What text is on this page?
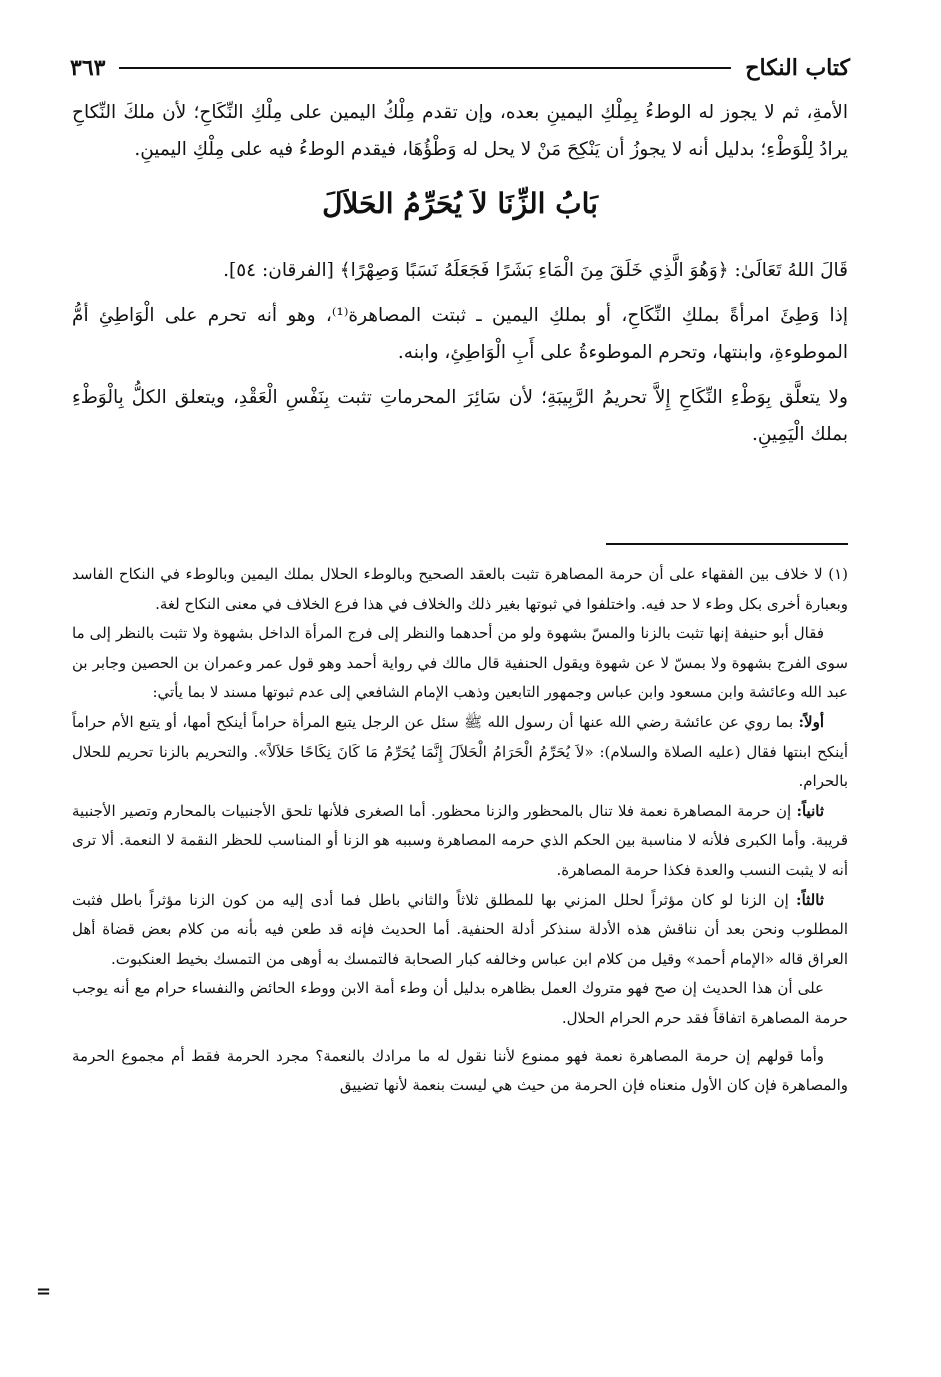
كتاب النكاح
٣٦٣

الأمةِ، ثم لا يجوز له الوطءُ بِمِلْكِ اليمينِ بعده، وإن تقدم مِلْكُ اليمين على مِلْكِ النِّكَاحِ؛ لأن ملكَ النِّكاحِ يرادُ لِلْوَطْءِ؛ بدليل أنه لا يجوزُ أن يَنْكِحَ مَنْ لا يحل له وَطْؤُهَا، فيقدم الوطءُ فيه على مِلْكِ اليمينِ.

بَابُ الزِّنَا لاَ يُحَرِّمُ الحَلاَلَ

قَالَ اللهُ تَعَالَىٰ: ﴿وَهُوَ الَّذِي خَلَقَ مِنَ الْمَاءِ بَشَرًا فَجَعَلَهُ نَسَبًا وَصِهْرًا﴾ [الفرقان: ٥٤].

إذا وَطِئَ امرأةً بملكِ النِّكَاحِ، أو بملكِ اليمين ـ ثبتت المصاهرة⁽¹⁾، وهو أنه تحرم على الْوَاطِئِ أمُّ الموطوءةِ، وابنتها، وتحرم الموطوءةُ على أَبِ الْوَاطِئِ، وابنه.

ولا يتعلَّق بِوَطْءِ النِّكَاحِ إِلاَّ تحريمُ الرَّبِيبَةِ؛ لأن سَائِرَ المحرماتِ تثبت بِنَفْسِ الْعَقْدِ، ويتعلق الكلُّ بِالْوَطْءِ بملك الْيَمِينِ.

(١) لا خلاف بين الفقهاء على أن حرمة المصاهرة تثبت بالعقد الصحيح وبالوطء الحلال بملك اليمين وبالوطء في النكاح الفاسد وبعبارة أخرى بكل وطء لا حد فيه. واختلفوا في ثبوتها بغير ذلك والخلاف في هذا فرع الخلاف في معنى النكاح لغة.

فقال أبو حنيفة إنها تثبت بالزنا والمسّ بشهوة ولو من أحدهما والنظر إلى فرج المرأة الداخل بشهوة ولا تثبت بالنظر إلى ما سوى الفرج بشهوة ولا بمسّ لا عن شهوة ويقول الحنفية قال مالك في رواية أحمد وهو قول عمر وعمران بن الحصين وجابر بن عبد الله وعائشة وابن مسعود وابن عباس وجمهور التابعين وذهب الإمام الشافعي إلى عدم ثبوتها مسند لا بما يأتي:

أولاً: بما روي عن عائشة رضي الله عنها أن رسول الله ﷺ سئل عن الرجل يتبع المرأة حراماً أينكح أمها، أو يتبع الأم حراماً أينكح ابنتها فقال (عليه الصلاة والسلام): «لاَ يُحَرِّمُ الْحَرَامُ الْحَلاَلَ إِنَّمَا يُحَرِّمُ مَا كَانَ نِكَاحًا حَلاَلاً». والتحريم بالزنا تحريم للحلال بالحرام.

ثانياً: إن حرمة المصاهرة نعمة فلا تنال بالمحظور والزنا محظور. أما الصغرى فلأنها تلحق الأجنبيات بالمحارم وتصير الأجنبية قريبة. وأما الكبرى فلأنه لا مناسبة بين الحكم الذي حرمه المصاهرة وسببه هو الزنا أو المناسب للحظر النقمة لا النعمة. ألا ترى أنه لا يثبت النسب والعدة فكذا حرمة المصاهرة.

ثالثاً: إن الزنا لو كان مؤثراً لحلل المزني بها للمطلق ثلاثاً والثاني باطل فما أدى إليه من كون الزنا مؤثراً باطل فثبت المطلوب ونحن بعد أن نناقش هذه الأدلة سنذكر أدلة الحنفية. أما الحديث فإنه قد طعن فيه بأنه من كلام بعض قضاة أهل العراق قاله «الإمام أحمد» وقيل من كلام ابن عباس وخالفه كبار الصحابة فالتمسك به أوهى من التمسك بخيط العنكبوت.

على أن هذا الحديث إن صح فهو متروك العمل بظاهره بدليل أن وطء أمة الابن ووطء الحائض والنفساء حرام مع أنه يوجب حرمة المصاهرة اتفاقاً فقد حرم الحرام الحلال.

وأما قولهم إن حرمة المصاهرة نعمة فهو ممنوع لأننا نقول له ما مرادك بالنعمة؟ مجرد الحرمة فقط أم مجموع الحرمة والمصاهرة فإن كان الأول منعناه فإن الحرمة من حيث هي ليست بنعمة لأنها تضييق

=
